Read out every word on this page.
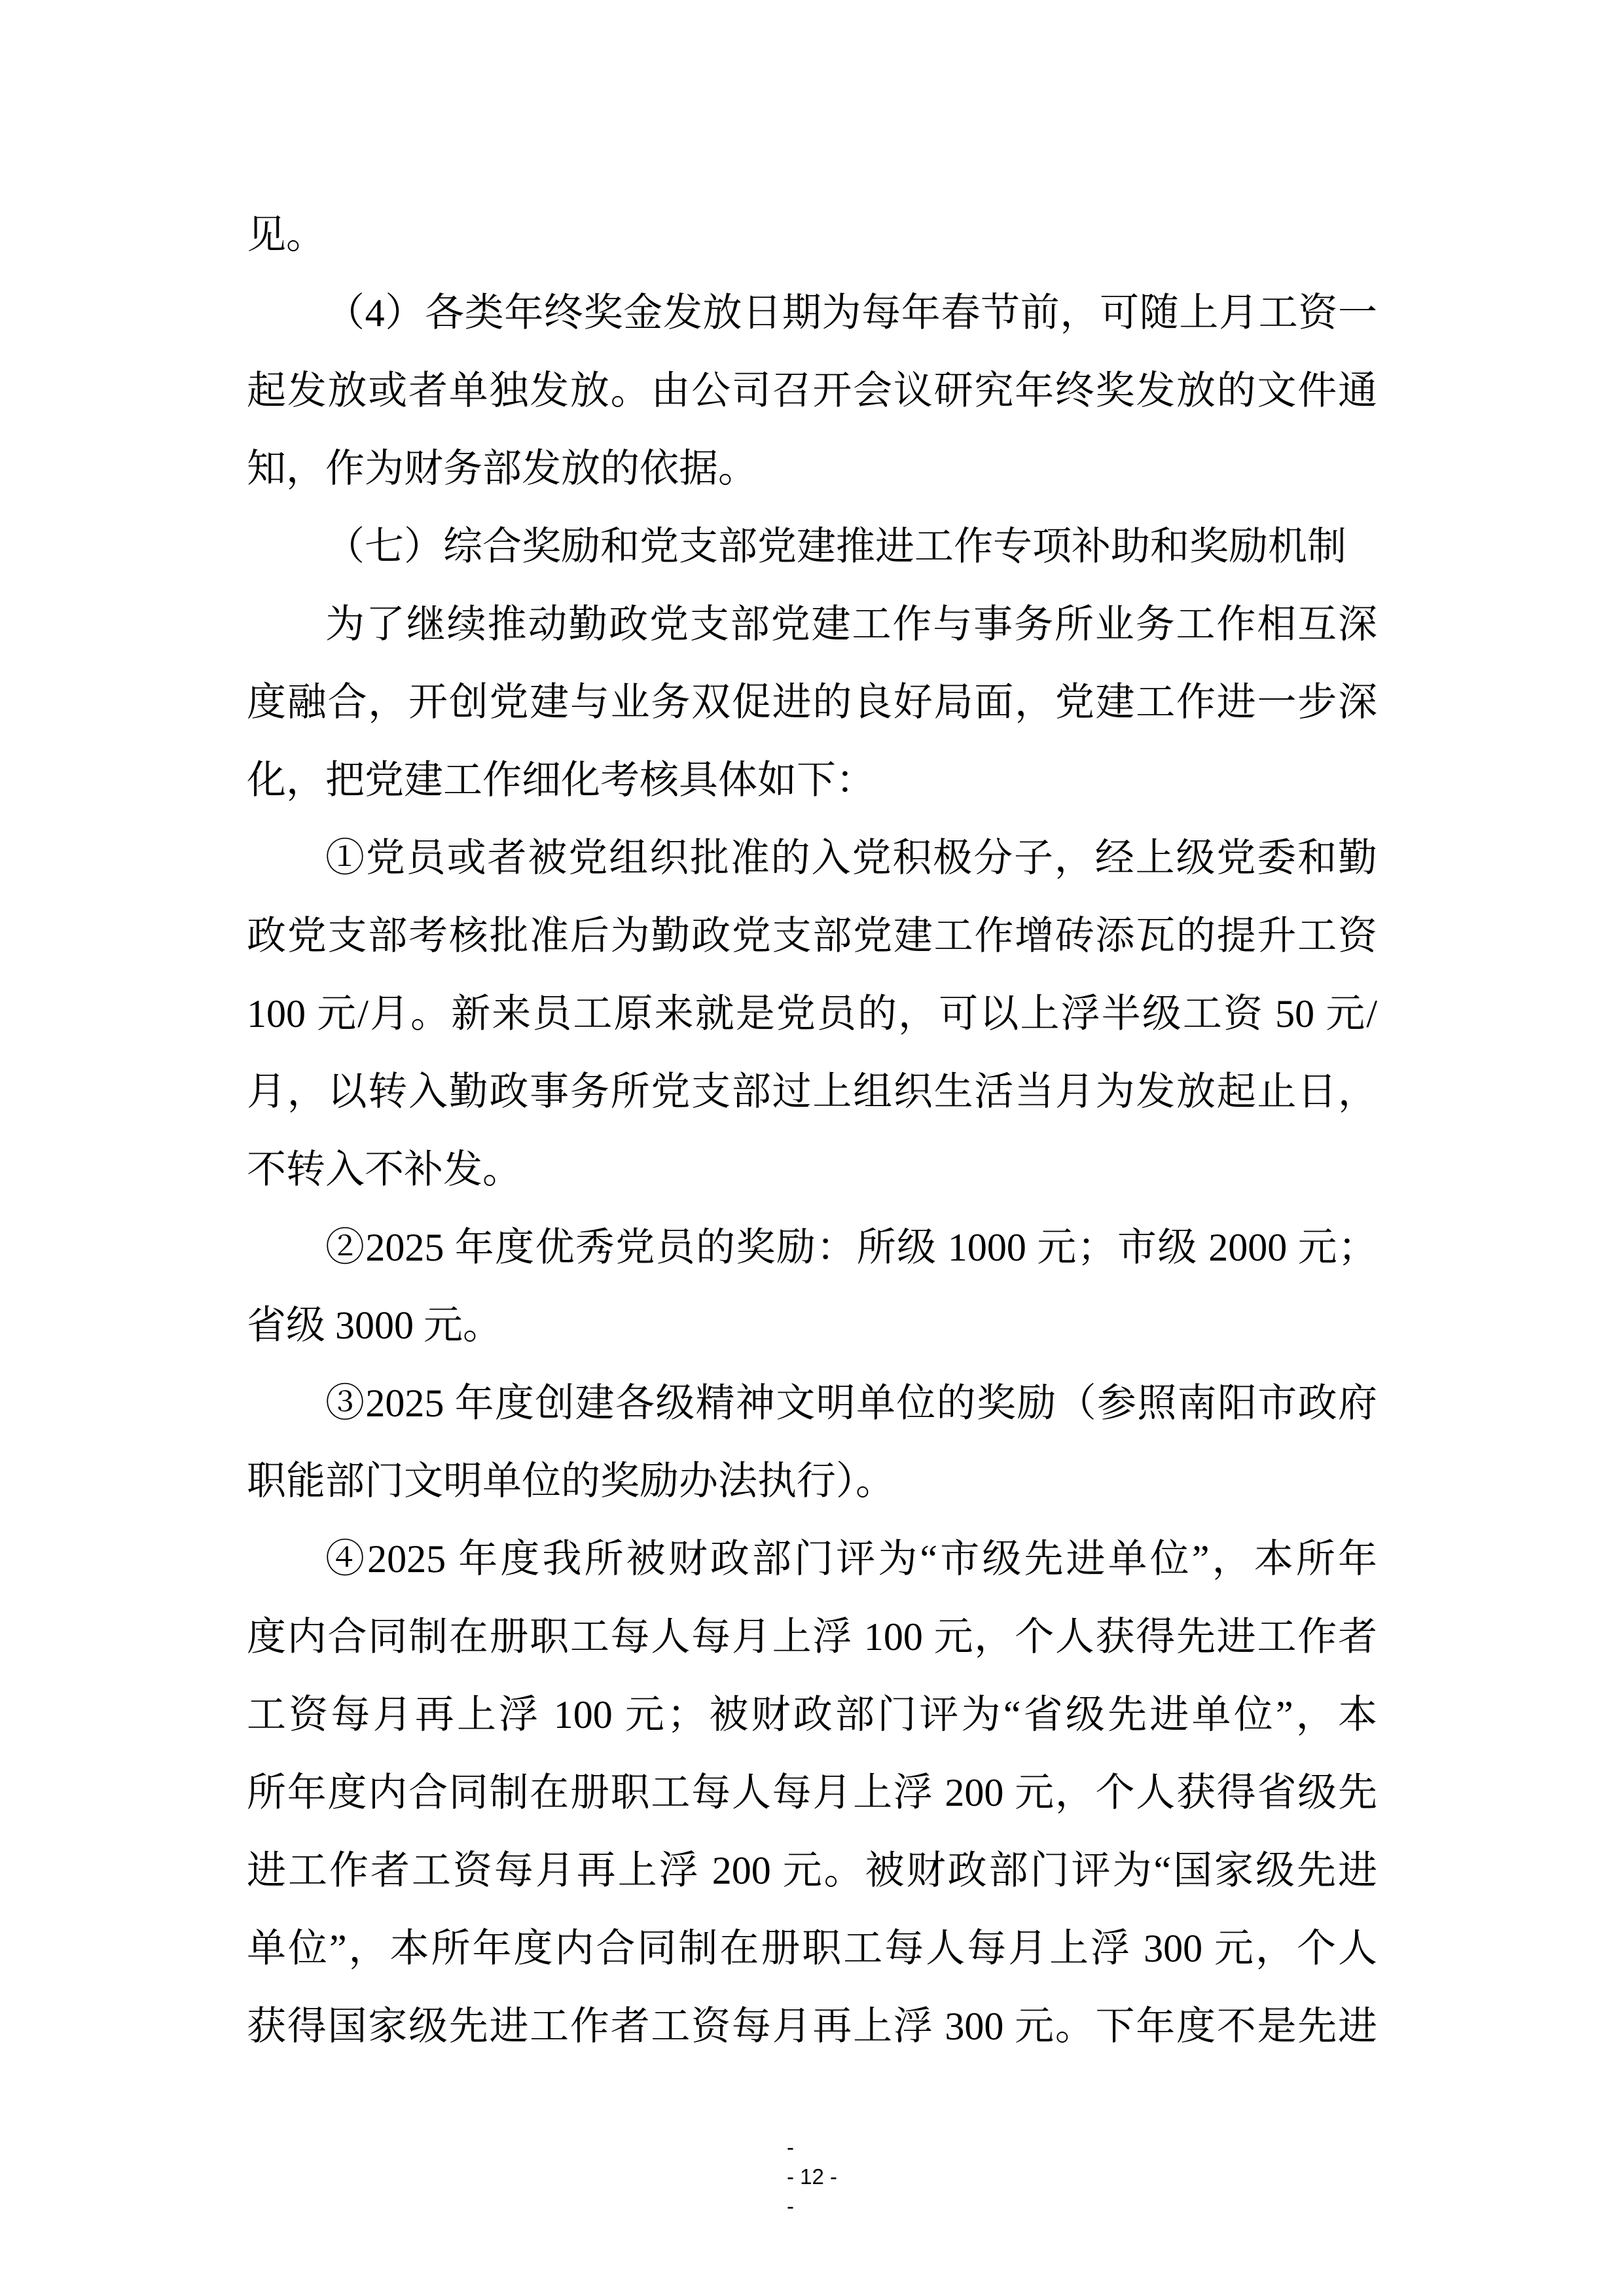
见。
（4）各类年终奖金发放日期为每年春节前，可随上月工资一
起发放或者单独发放。由公司召开会议研究年终奖发放的文件通
知，作为财务部发放的依据。
（七）综合奖励和党支部党建推进工作专项补助和奖励机制
为了继续推动勤政党支部党建工作与事务所业务工作相互深
度融合，开创党建与业务双促进的良好局面，党建工作进一步深
化，把党建工作细化考核具体如下：
①党员或者被党组织批准的入党积极分子，经上级党委和勤
政党支部考核批准后为勤政党支部党建工作增砖添瓦的提升工资
100 元/月。新来员工原来就是党员的，可以上浮半级工资 50 元/
月，以转入勤政事务所党支部过上组织生活当月为发放起止日，
不转入不补发。
②2025 年度优秀党员的奖励：所级 1000 元；市级 2000 元；
省级 3000 元。
③2025 年度创建各级精神文明单位的奖励（参照南阳市政府
职能部门文明单位的奖励办法执行）。
④2025 年度我所被财政部门评为“市级先进单位”，本所年
度内合同制在册职工每人每月上浮 100 元，个人获得先进工作者
工资每月再上浮 100 元；被财政部门评为“省级先进单位”，本
所年度内合同制在册职工每人每月上浮 200 元，个人获得省级先
进工作者工资每月再上浮 200 元。被财政部门评为“国家级先进
单位”，本所年度内合同制在册职工每人每月上浮 300 元，个人
获得国家级先进工作者工资每月再上浮 300 元。下年度不是先进
-
- 12 -
-
